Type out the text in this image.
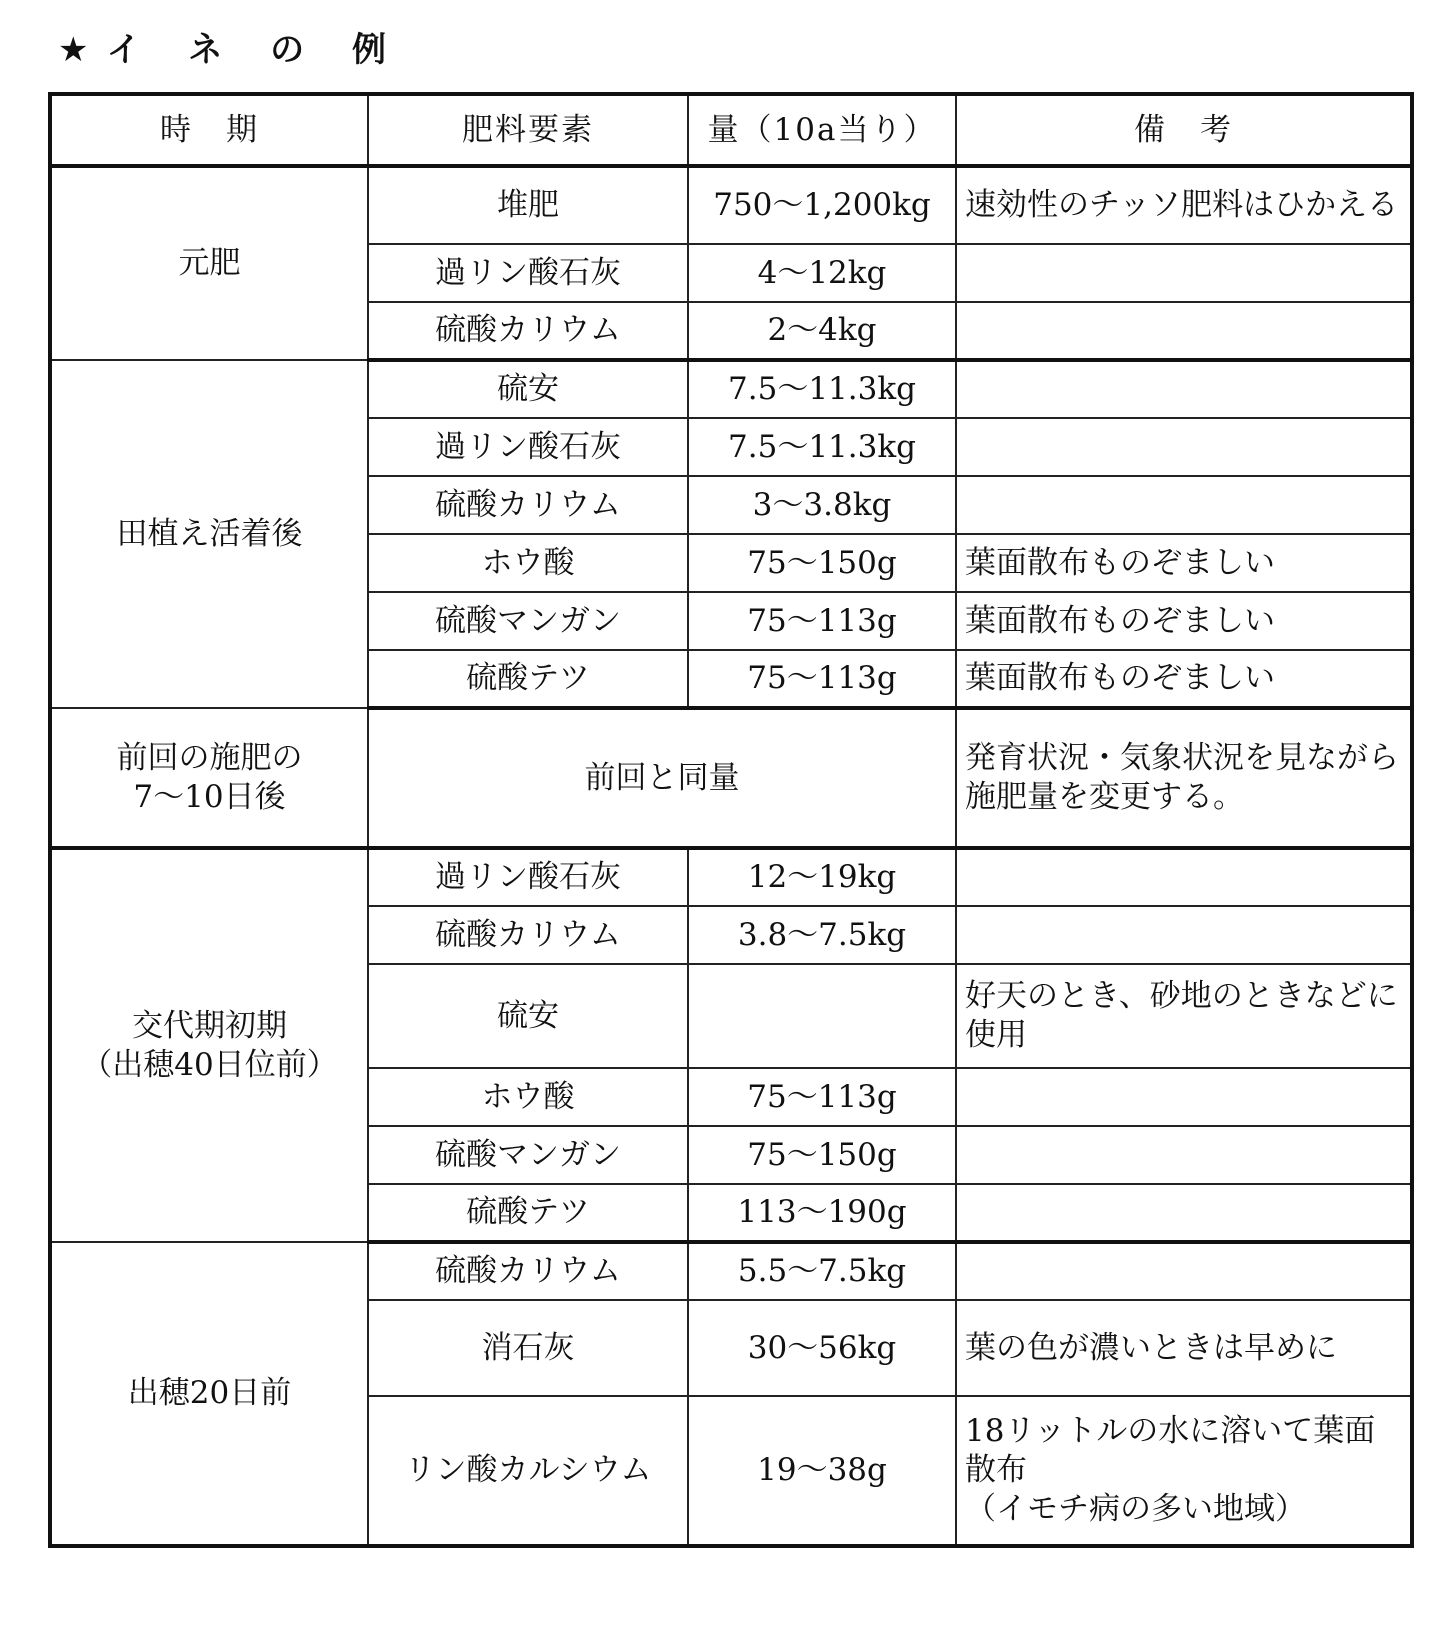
★イ ネ の 例
時　期	肥料要素	量（10a当り）	備　考
元肥	堆肥	750〜1,200kg	速効性のチッソ肥料はひかえる
	過リン酸石灰	4〜12kg	
	硫酸カリウム	2〜4kg	
田植え活着後	硫安	7.5〜11.3kg	
	過リン酸石灰	7.5〜11.3kg	
	硫酸カリウム	3〜3.8kg	
	ホウ酸	75〜150g	葉面散布ものぞましい
	硫酸マンガン	75〜113g	葉面散布ものぞましい
	硫酸テツ	75〜113g	葉面散布ものぞましい

前回の施肥の
7〜10日後	前回と同量		発育状況・気象状況を見ながら施肥量を変更する。

交代期初期
（出穂40日位前）	過リン酸石灰	12〜19kg	
	硫酸カリウム	3.8〜7.5kg	
	硫安		好天のとき、砂地のときなどに使用
	ホウ酸	75〜113g	
	硫酸マンガン	75〜150g	
	硫酸テツ	113〜190g	
出穂20日前	硫酸カリウム	5.5〜7.5kg	
	消石灰	30〜56kg	葉の色が濃いときは早めに
	リン酸カルシウム	19〜38g	18リットルの水に溶いて葉面散布
（イモチ病の多い地域）
